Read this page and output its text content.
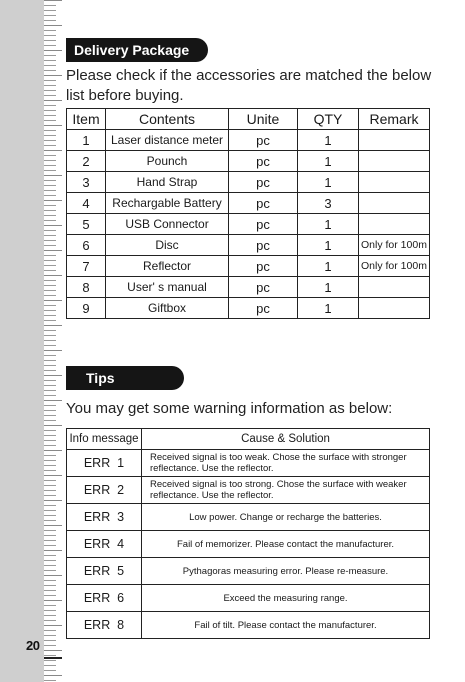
20
Delivery Package
Please check if the accessories are matched the below list before buying.
Item	Contents	Unite	QTY	Remark
1	Laser distance meter	pc	1	
2	Pounch	pc	1	
3	Hand Strap	pc	1	
4	Rechargable Battery	pc	3	
5	USB Connector	pc	1	
6	Disc	pc	1	Only for 100m
7	Reflector	pc	1	Only for 100m
8	User' s manual	pc	1	
9	Giftbox	pc	1	
Tips
You may get some warning information as below:
Info message	Cause & Solution
ERR  1	Received signal is too weak. Chose the surface with stronger reflectance. Use the reflector.
ERR  2	Received signal is too strong. Chose the surface with weaker reflectance. Use the reflector.
ERR  3	Low power. Change or recharge the batteries.
ERR  4	Fail of memorizer. Please contact the manufacturer.
ERR  5	Pythagoras measuring error. Please re-measure.
ERR  6	Exceed the measuring range.
ERR  8	Fail of tilt. Please contact the manufacturer.
